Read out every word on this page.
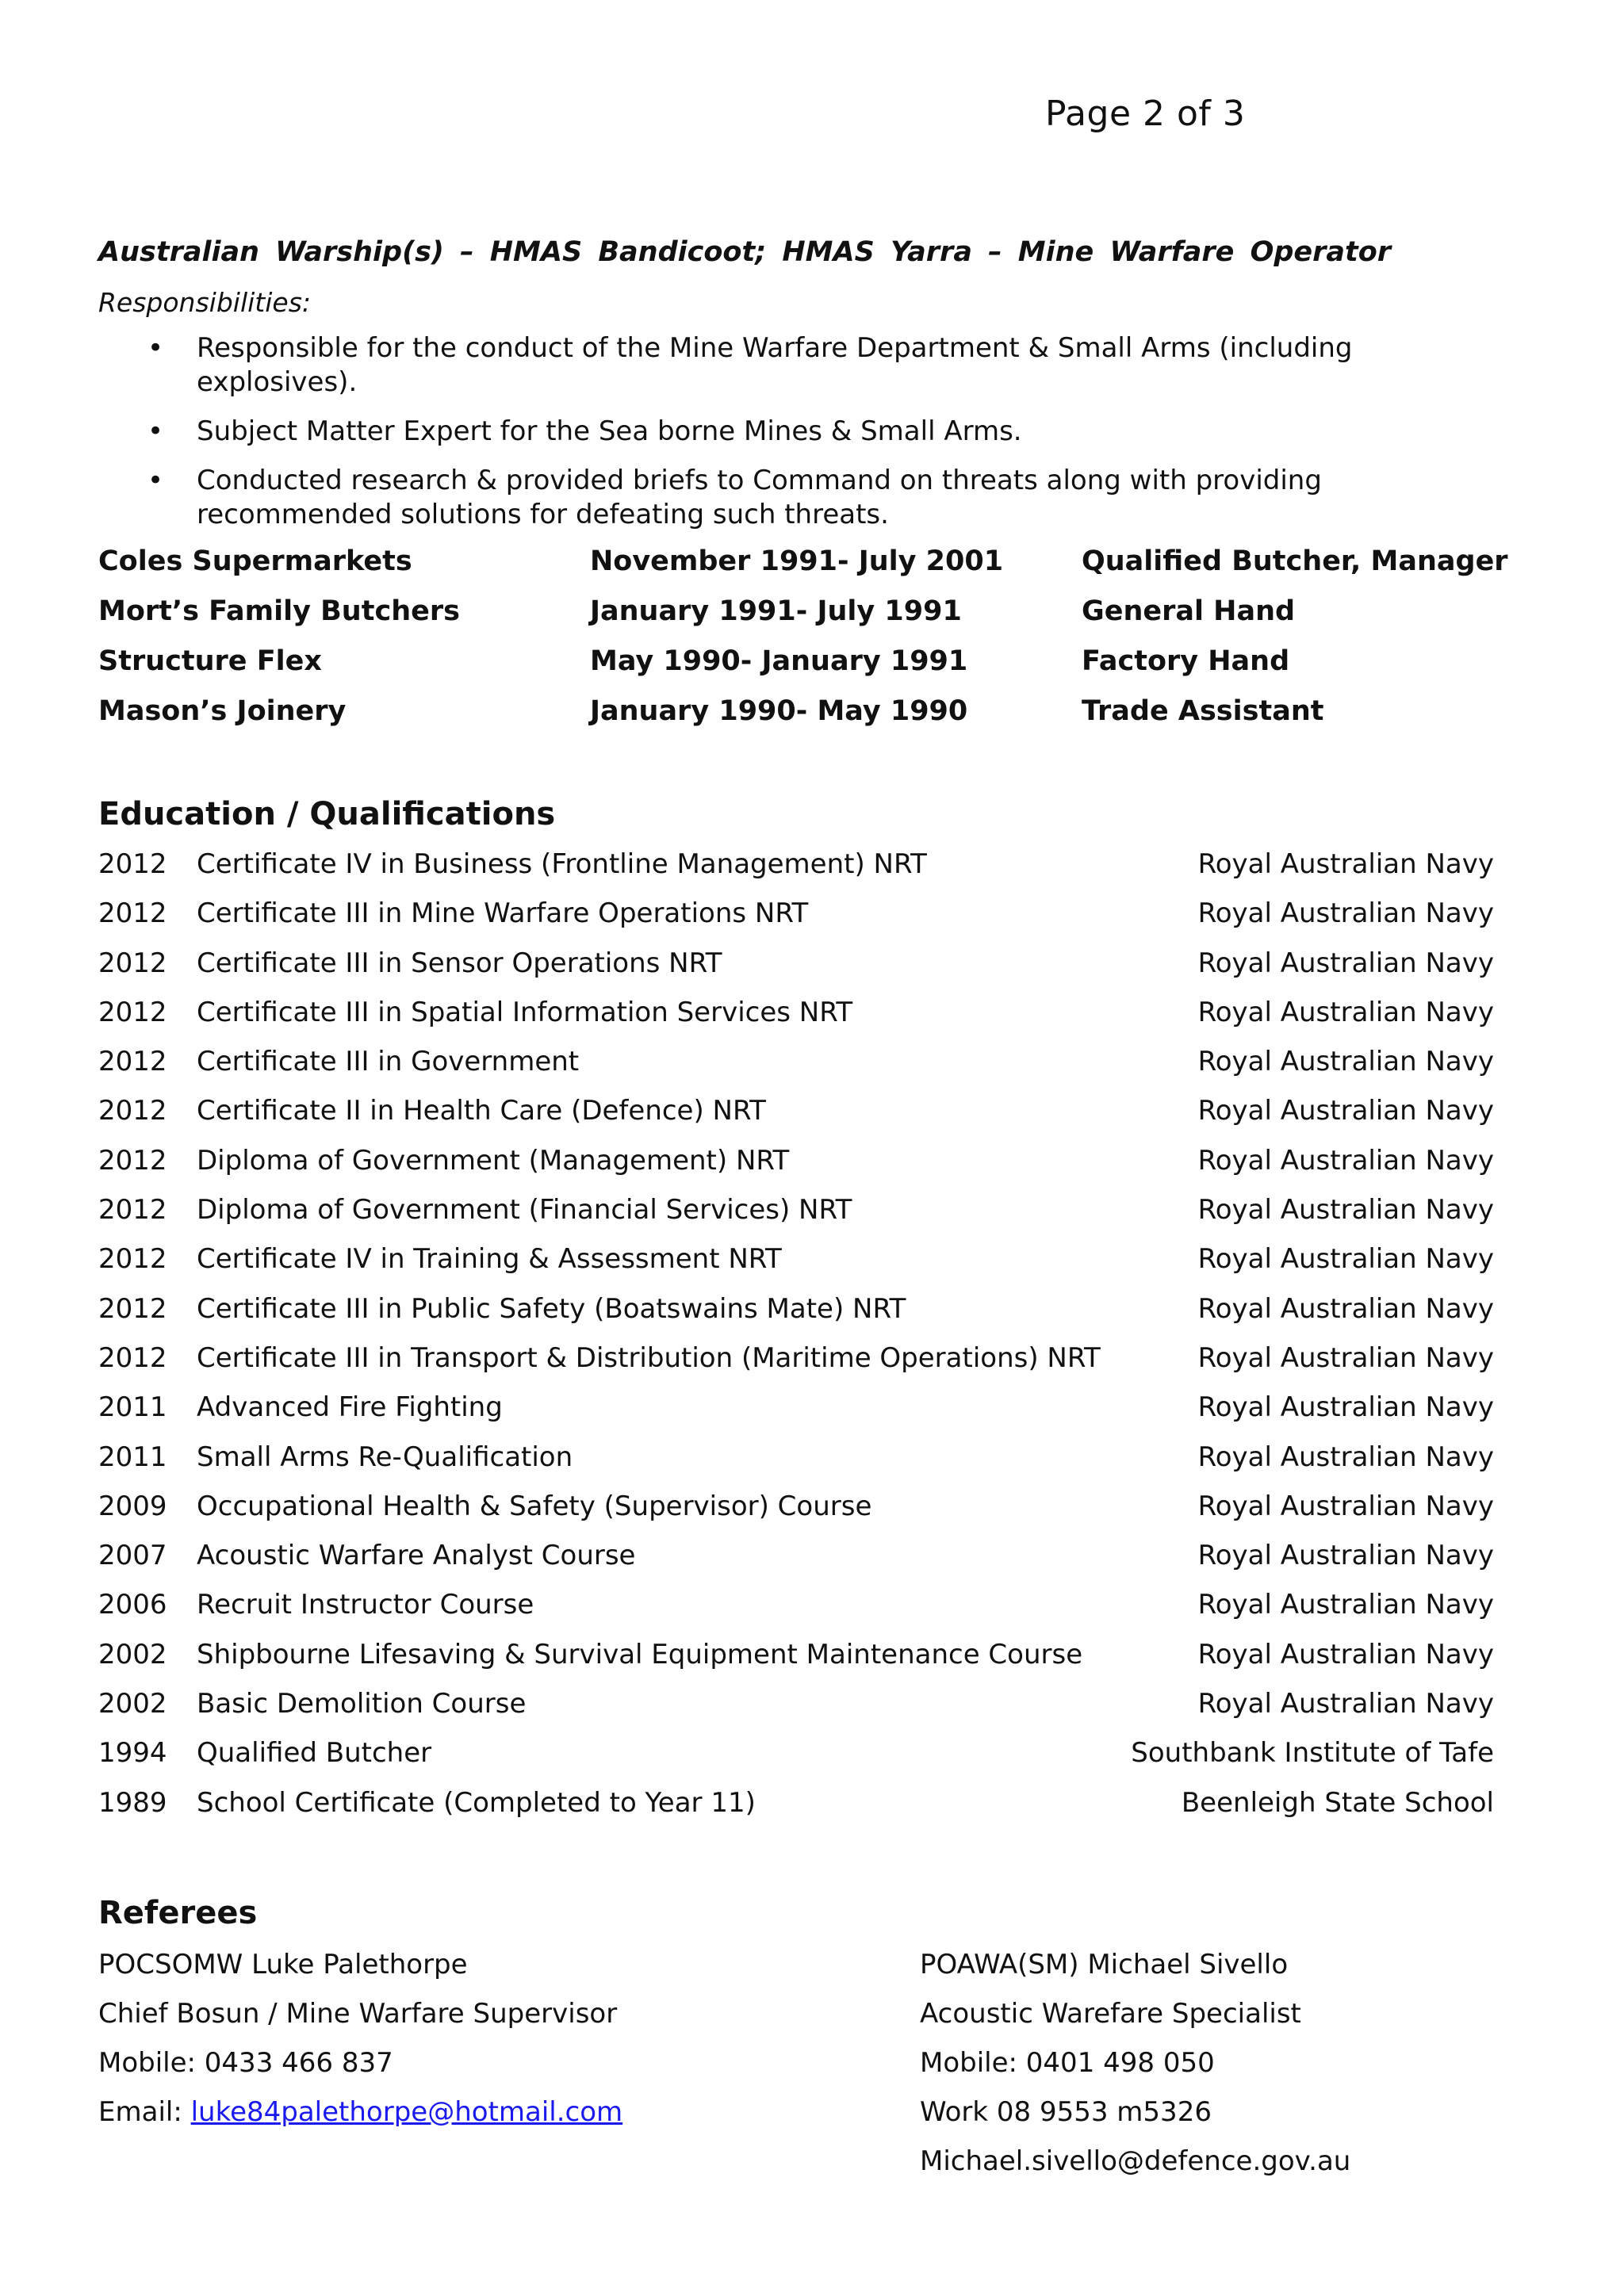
Page 2 of 3
Australian Warship(s) – HMAS Bandicoot; HMAS Yarra – Mine Warfare Operator
Responsibilities:
• Responsible for the conduct of the Mine Warfare Department & Small Arms (including explosives).
• Subject Matter Expert for the Sea borne Mines & Small Arms.
• Conducted research & provided briefs to Command on threats along with providing recommended solutions for defeating such threats.
Coles Supermarkets	November 1991- July 2001	Qualified Butcher, Manager
Mort’s Family Butchers	January 1991- July 1991	General Hand
Structure Flex	May 1990- January 1991	Factory Hand
Mason’s Joinery	January 1990- May 1990	Trade Assistant
Education / Qualifications
2012 Certificate IV in Business (Frontline Management) NRT	Royal Australian Navy
2012 Certificate III in Mine Warfare Operations NRT	Royal Australian Navy
2012 Certificate III in Sensor Operations NRT	Royal Australian Navy
2012 Certificate III in Spatial Information Services NRT	Royal Australian Navy
2012 Certificate III in Government	Royal Australian Navy
2012 Certificate II in Health Care (Defence) NRT	Royal Australian Navy
2012 Diploma of Government (Management) NRT	Royal Australian Navy
2012 Diploma of Government (Financial Services) NRT	Royal Australian Navy
2012 Certificate IV in Training & Assessment NRT	Royal Australian Navy
2012 Certificate III in Public Safety (Boatswains Mate) NRT	Royal Australian Navy
2012 Certificate III in Transport & Distribution (Maritime Operations) NRT	Royal Australian Navy
2011 Advanced Fire Fighting	Royal Australian Navy
2011 Small Arms Re-Qualification	Royal Australian Navy
2009 Occupational Health & Safety (Supervisor) Course	Royal Australian Navy
2007 Acoustic Warfare Analyst Course	Royal Australian Navy
2006 Recruit Instructor Course	Royal Australian Navy
2002 Shipbourne Lifesaving & Survival Equipment Maintenance Course	Royal Australian Navy
2002 Basic Demolition Course	Royal Australian Navy
1994 Qualified Butcher	Southbank Institute of Tafe
1989 School Certificate (Completed to Year 11)	Beenleigh State School
Referees
POCSOMW Luke Palethorpe
Chief Bosun / Mine Warfare Supervisor
Mobile: 0433 466 837
Email: luke84palethorpe@hotmail.com
POAWA(SM) Michael Sivello
Acoustic Warefare Specialist
Mobile: 0401 498 050
Work 08 9553 m5326
Michael.sivello@defence.gov.au
